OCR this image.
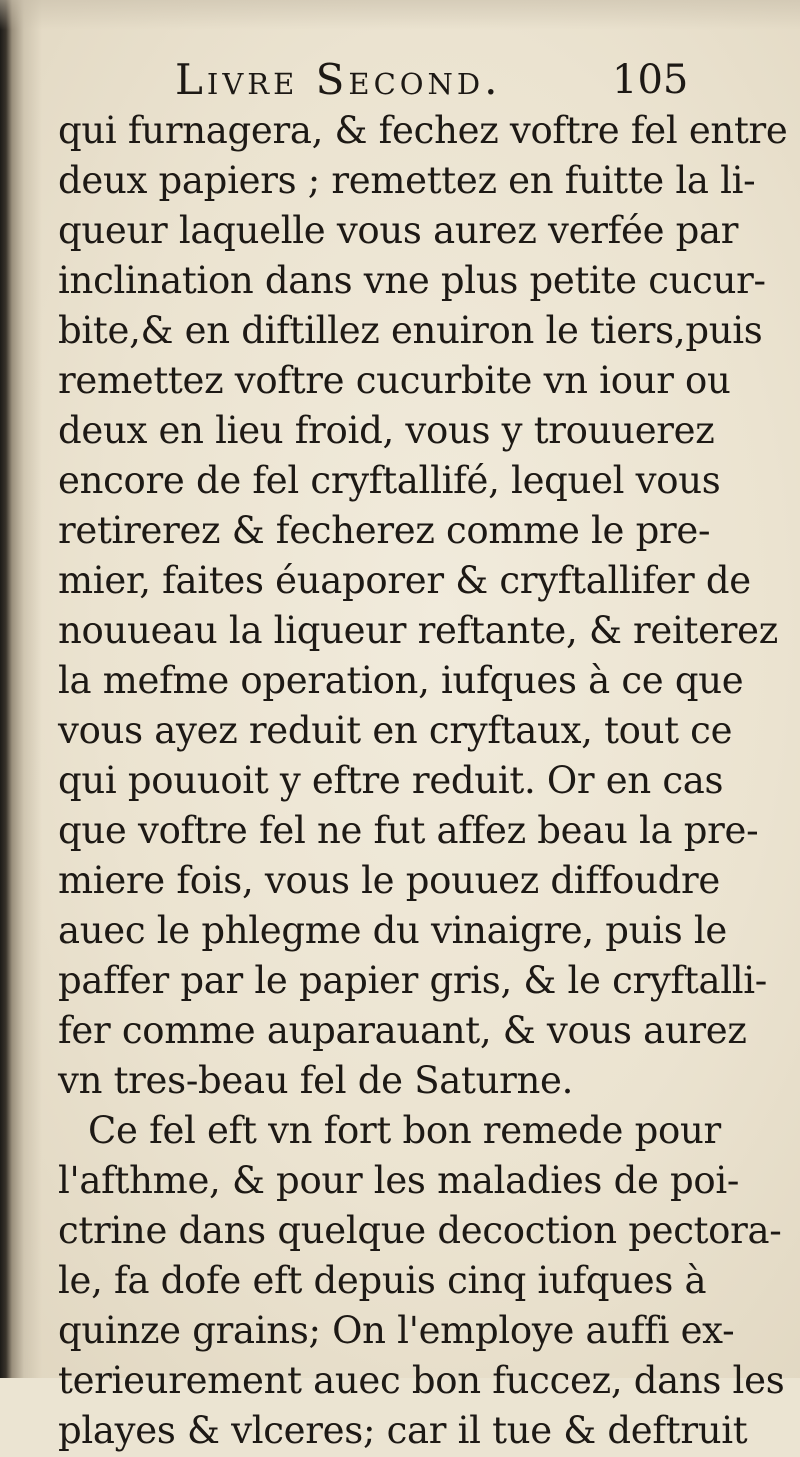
Livre Second.	105
qui furnagera, & fechez voftre fel entre
deux papiers ; remettez en fuitte la li-
queur laquelle vous aurez verfée par
inclination dans vne plus petite cucur-
bite,& en diftillez enuiron le tiers,puis
remettez voftre cucurbite vn iour ou
deux en lieu froid, vous y trouuerez
encore de fel cryftallifé, lequel vous
retirerez & fecherez comme le pre-
mier, faites éuaporer & cryftallifer de
nouueau la liqueur reftante, & reiterez
la mefme operation, iufques à ce que
vous ayez reduit en cryftaux, tout ce
qui pouuoit y eftre reduit. Or en cas
que voftre fel ne fut affez beau la pre-
miere fois, vous le pouuez diffoudre
auec le phlegme du vinaigre, puis le
paffer par le papier gris, & le cryftalli-
fer comme auparauant, & vous aurez
vn tres-beau fel de Saturne.
Ce fel eft vn fort bon remede pour
l'afthme, & pour les maladies de poi-
ctrine dans quelque decoction pectora-
le, fa dofe eft depuis cinq iufques à
quinze grains; On l'employe auffi ex-
terieurement auec bon fuccez, dans les
playes & vlceres; car il tue & deftruit
